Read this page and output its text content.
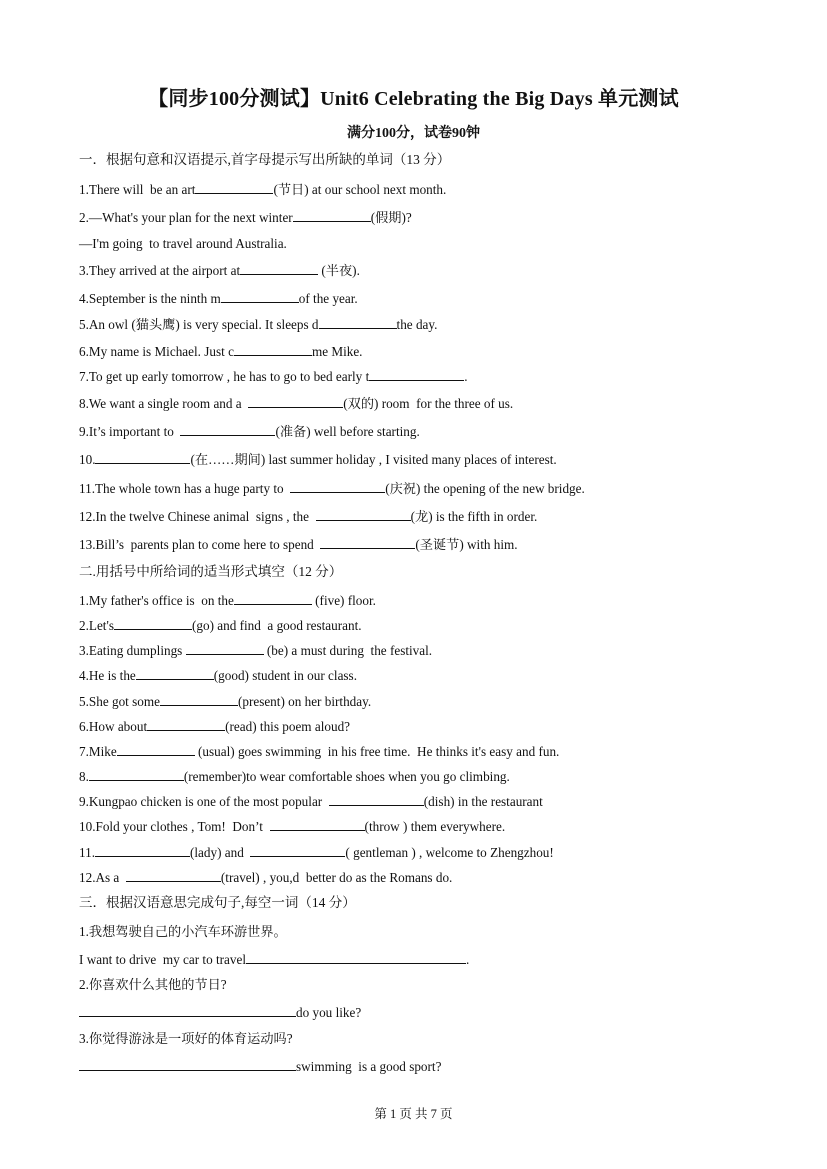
【同步100分测试】Unit6 Celebrating the Big Days 单元测试
满分100分，试卷90钟
一．根据句意和汉语提示,首字母提示写出所缺的单词（13 分）
1.There will  be an art	(节日) at our school next month.
2.—What's your plan for the next winter	(假期)?
—I'm going  to travel around Australia.
3.They arrived at the airport at	(半夜).
4.September is the ninth m	of the year.
5.An owl (猫头鹰) is very special. It sleeps d	the day.
6.My name is Michael. Just c	me Mike.
7.To get up early tomorrow , he has to go to bed early t	.
8.We want a single room and a	(双的) room  for the three of us.
9.It’s important to	(准备) well before starting.
10.	(在……期间) last summer holiday , I visited many places of interest.
11.The whole town has a huge party to	(庆祝) the opening of the new bridge.
12.In the twelve Chinese animal  signs , the	(龙) is the fifth in order.
13.Bill’s  parents plan to come here to spend	(圣诞节) with him.
二.用括号中所给词的适当形式填空（12 分）
1.My father's office is  on the	(five) floor.
2.Let's	(go) and find  a good restaurant.
3.Eating dumplings	(be) a must during  the festival.
4.He is the	(good) student in our class.
5.She got some	(present) on her birthday.
6.How about	(read) this poem aloud?
7.Mike	(usual) goes swimming  in his free time.  He thinks it's easy and fun.
8.	(remember)to wear comfortable shoes when you go climbing.
9.Kungpao chicken is one of the most popular	(dish) in the restaurant
10.Fold your clothes , Tom!  Don’t	(throw ) them everywhere.
11.	(lady) and	( gentleman ) , welcome to Zhengzhou!
12.As a	(travel) , you,d  better do as the Romans do.
三．根据汉语意思完成句子,每空一词（14 分）
1.我想驾驶自己的小汽车环游世界。
I want to drive  my car to travel	.
2.你喜欢什么其他的节日?
do you like?
3.你觉得游泳是一项好的体育运动吗?
swimming  is a good sport?
第 1 页 共 7 页
